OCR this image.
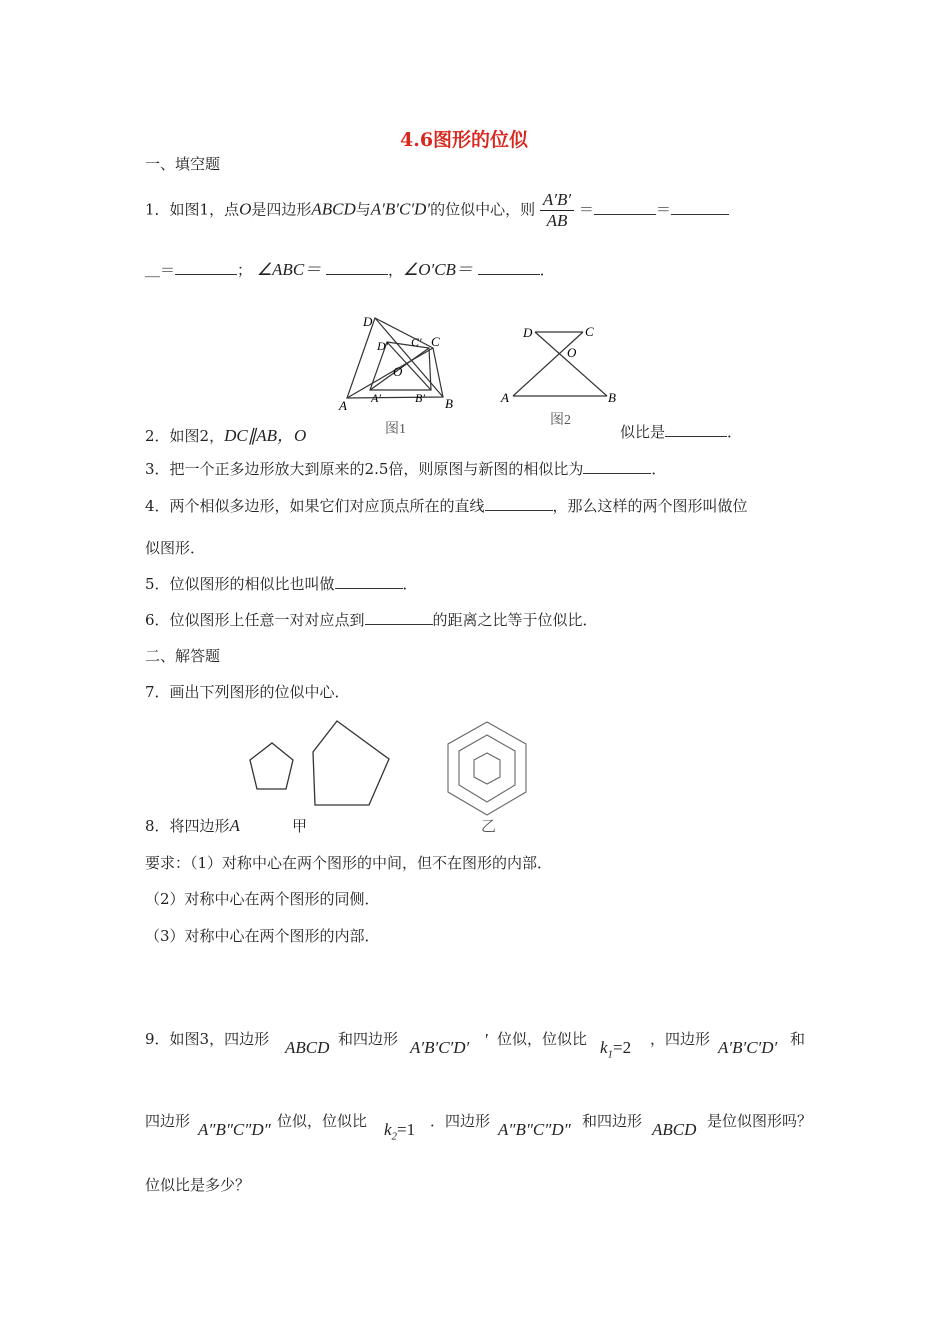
4.6图形的位似
一、填空题
1．如图1，点O是四边形ABCD与A′B′C′D′的位似中心，则 $\frac{A'B'}{AB}$ ＝	＝
＿＝	； ∠ABC＝	，∠O′CB＝	．
D
D′ C′ C
O
A A′	B′ B
图1
D	C
O
A	B
图2
2．如图2，DC∥AB，O	似比是	．
3．把一个正多边形放大到原来的2.5倍，则原图与新图的相似比为	．
4．两个相似多边形，如果它们对应顶点所在的直线	，那么这样的两个图形叫做位
似图形．
5．位似图形的相似比也叫做	．
6．位似图形上任意一对对应点到	的距离之比等于位似比．
二、解答题
7．画出下列图形的位似中心．
8．将四边形A	甲	乙
要求：（1）对称中心在两个图形的中间，但不在图形的内部．
（2）对称中心在两个图形的同侧．
（3）对称中心在两个图形的内部．
9．如图3，四边形 ABCD 和四边形 A′B′C′D′ ′ 位似，位似比 $k_1=2$ ，四边形 A′B′C′D′ 和
四边形 A″B″C″D″ 位似，位似比 $k_2=1$ ．四边形 A″B″C″D″ 和四边形 ABCD 是位似图形吗？
位似比是多少？
